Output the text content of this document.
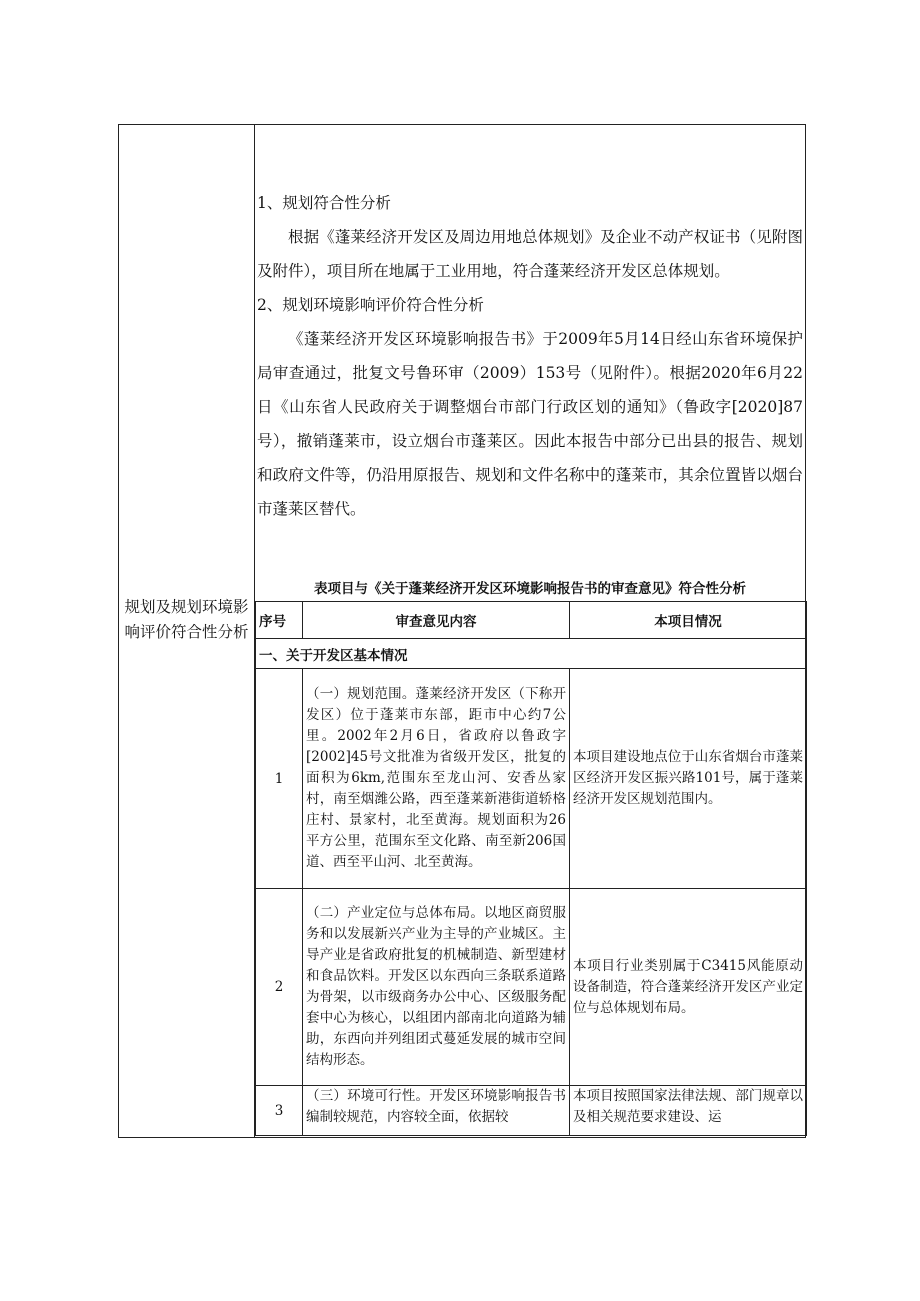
规划及规划环境影响评价符合性分析

1、规划符合性分析

根据《蓬莱经济开发区及周边用地总体规划》及企业不动产权证书（见附图及附件），项目所在地属于工业用地，符合蓬莱经济开发区总体规划。

2、规划环境影响评价符合性分析

《蓬莱经济开发区环境影响报告书》于2009年5月14日经山东省环境保护局审查通过，批复文号鲁环审（2009）153号（见附件）。根据2020年6月22日《山东省人民政府关于调整烟台市部门行政区划的通知》（鲁政字[2020]87号），撤销蓬莱市，设立烟台市蓬莱区。因此本报告中部分已出县的报告、规划和政府文件等，仍沿用原报告、规划和文件名称中的蓬莱市，其余位置皆以烟台市蓬莱区替代。

表项目与《关于蓬莱经济开发区环境影响报告书的审查意见》符合性分析
序号	审查意见内容	本项目情况
一、关于开发区基本情况		
1	（一）规划范围。蓬莱经济开发区（下称开发区）位于蓬莱市东部，距市中心约7公里。2002年2月6日，省政府以鲁政字[2002]45号文批准为省级开发区，批复的面积为6km,范围东至龙山河、安香丛家村，南至烟潍公路，西至蓬莱新港街道轿格庄村、景家村，北至黄海。规划面积为26平方公里，范围东至文化路、南至新206国道、西至平山河、北至黄海。	本项目建设地点位于山东省烟台市蓬莱区经济开发区振兴路101号，属于蓬莱经济开发区规划范围内。
2	（二）产业定位与总体布局。以地区商贸服务和以发展新兴产业为主导的产业城区。主导产业是省政府批复的机械制造、新型建材和食品饮料。开发区以东西向三条联系道路为骨架，以市级商务办公中心、区级服务配套中心为核心，以组团内部南北向道路为辅助，东西向并列组团式蔓延发展的城市空间结构形态。	本项目行业类别属于C3415风能原动设备制造，符合蓬莱经济开发区产业定位与总体规划布局。
3	（三）环境可行性。开发区环境影响报告书编制较规范，内容较全面，依据较	本项目按照国家法律法规、部门规章以及相关规范要求建设、运
